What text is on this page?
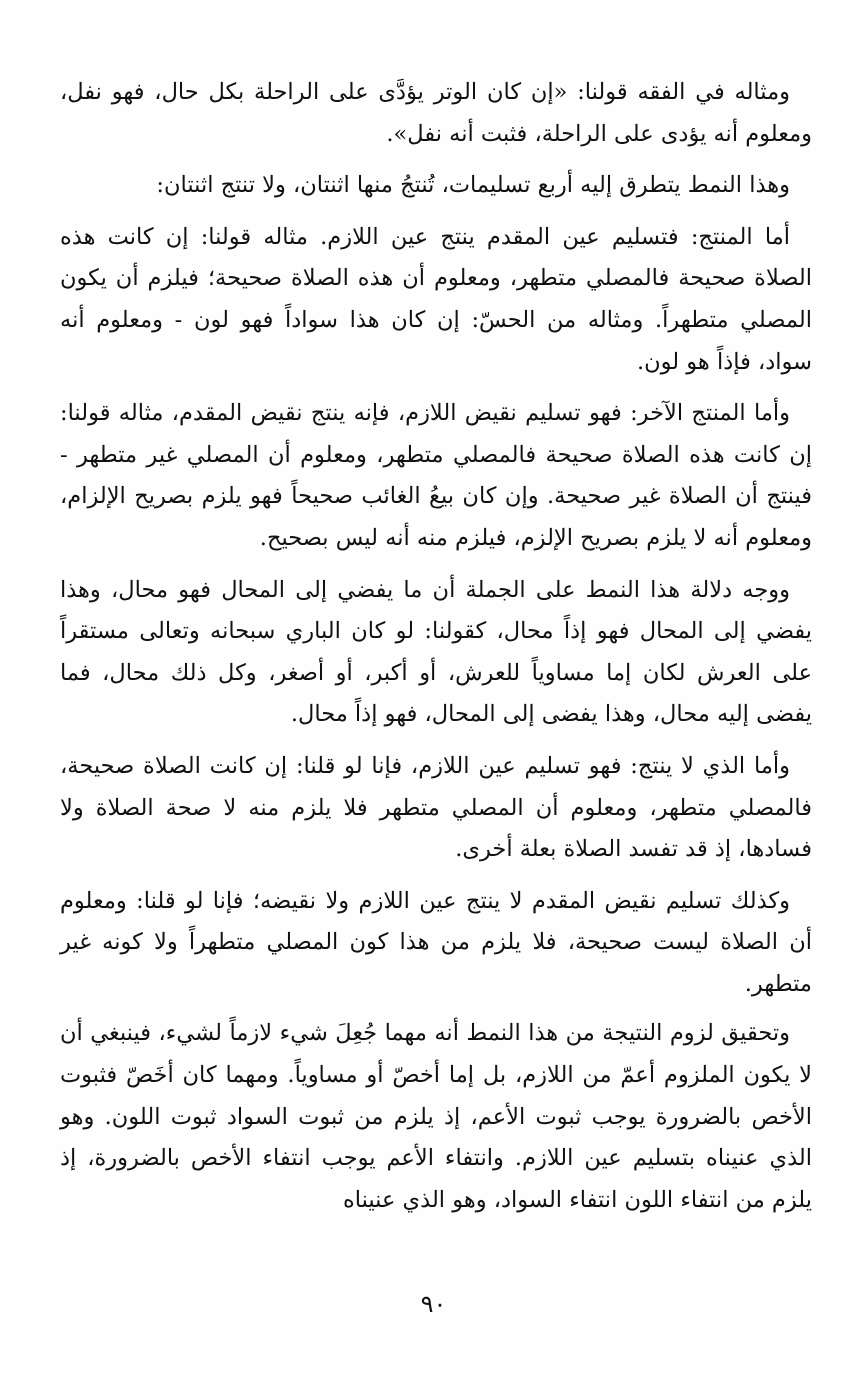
ومثاله في الفقه قولنا: «إن كان الوتر يؤدَّى على الراحلة بكل حال، فهو نفل، ومعلوم أنه يؤدى على الراحلة، فثبت أنه نفل».

وهذا النمط يتطرق إليه أربع تسليمات، تُنتجُ منها اثنتان، ولا تنتج اثنتان:

أما المنتج: فتسليم عين المقدم ينتج عين اللازم. مثاله قولنا: إن كانت هذه الصلاة صحيحة فالمصلي متطهر، ومعلوم أن هذه الصلاة صحيحة؛ فيلزم أن يكون المصلي متطهراً. ومثاله من الحسّ: إن كان هذا سواداً فهو لون - ومعلوم أنه سواد، فإذاً هو لون.

وأما المنتج الآخر: فهو تسليم نقيض اللازم، فإنه ينتج نقيض المقدم، مثاله قولنا: إن كانت هذه الصلاة صحيحة فالمصلي متطهر، ومعلوم أن المصلي غير متطهر - فينتج أن الصلاة غير صحيحة. وإن كان بيعُ الغائب صحيحاً فهو يلزم بصريح الإلزام، ومعلوم أنه لا يلزم بصريح الإلزم، فيلزم منه أنه ليس بصحيح.

ووجه دلالة هذا النمط على الجملة أن ما يفضي إلى المحال فهو محال، وهذا يفضي إلى المحال فهو إذاً محال، كقولنا: لو كان الباري سبحانه وتعالى مستقراً على العرش لكان إما مساوياً للعرش، أو أكبر، أو أصغر، وكل ذلك محال، فما يفضى إليه محال، وهذا يفضى إلى المحال، فهو إذاً محال.

وأما الذي لا ينتج: فهو تسليم عين اللازم، فإنا لو قلنا: إن كانت الصلاة صحيحة، فالمصلي متطهر، ومعلوم أن المصلي متطهر فلا يلزم منه لا صحة الصلاة ولا فسادها، إذ قد تفسد الصلاة بعلة أخرى.

وكذلك تسليم نقيض المقدم لا ينتج عين اللازم ولا نقيضه؛ فإنا لو قلنا: ومعلوم أن الصلاة ليست صحيحة، فلا يلزم من هذا كون المصلي متطهراً ولا كونه غير متطهر.

وتحقيق لزوم النتيجة من هذا النمط أنه مهما جُعِلَ شيء لازماً لشيء، فينبغي أن لا يكون الملزوم أعمّ من اللازم، بل إما أخصّ أو مساوياً. ومهما كان أخَصّ فثبوت الأخص بالضرورة يوجب ثبوت الأعم، إذ يلزم من ثبوت السواد ثبوت اللون. وهو الذي عنيناه بتسليم عين اللازم. وانتفاء الأعم يوجب انتفاء الأخص بالضرورة، إذ يلزم من انتفاء اللون انتفاء السواد، وهو الذي عنيناه

٩٠
